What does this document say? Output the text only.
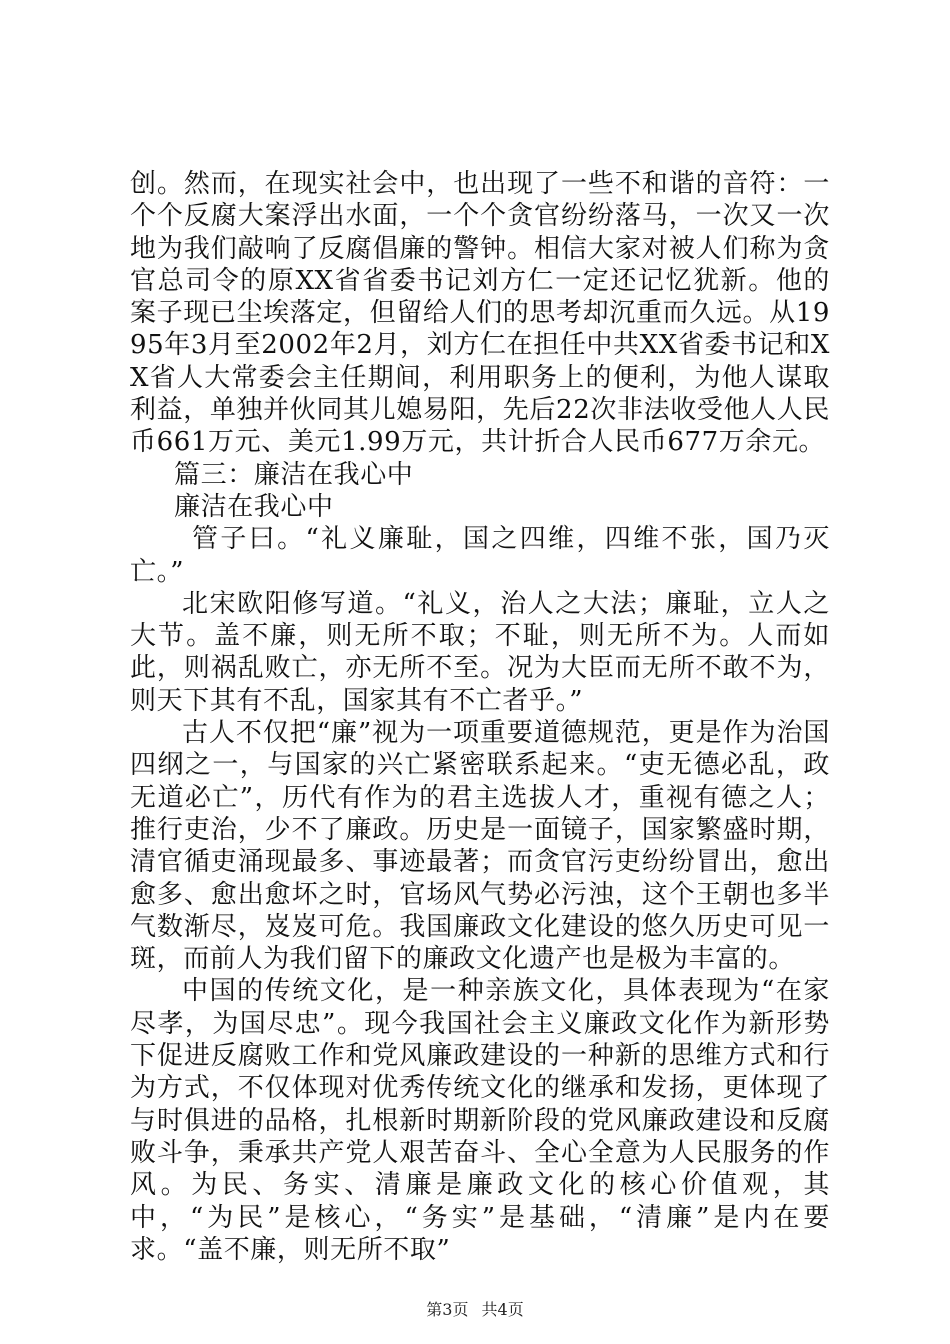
创。然而，在现实社会中，也出现了一些不和谐的音符：一个个反腐大案浮出水面，一个个贪官纷纷落马，一次又一次地为我们敲响了反腐倡廉的警钟。相信大家对被人们称为贪官总司令的原XX省省委书记刘方仁一定还记忆犹新。他的案子现已尘埃落定，但留给人们的思考却沉重而久远。从1995年3月至2002年2月，刘方仁在担任中共XX省委书记和XX省人大常委会主任期间，利用职务上的便利，为他人谋取利益，单独并伙同其儿媳易阳，先后22次非法收受他人人民币661万元、美元1.99万元，共计折合人民币677万余元。

篇三：廉洁在我心中

廉洁在我心中

管子曰。“礼义廉耻，国之四维，四维不张，国乃灭亡。”

北宋欧阳修写道。“礼义，治人之大法；廉耻，立人之大节。盖不廉，则无所不取；不耻，则无所不为。人而如此，则祸乱败亡，亦无所不至。况为大臣而无所不敢不为，则天下其有不乱，国家其有不亡者乎。”

古人不仅把“廉”视为一项重要道德规范，更是作为治国四纲之一，与国家的兴亡紧密联系起来。“吏无德必乱，政无道必亡”，历代有作为的君主选拔人才，重视有德之人；推行吏治，少不了廉政。历史是一面镜子，国家繁盛时期，清官循吏涌现最多、事迹最著；而贪官污吏纷纷冒出，愈出愈多、愈出愈坏之时，官场风气势必污浊，这个王朝也多半气数渐尽，岌岌可危。我国廉政文化建设的悠久历史可见一斑，而前人为我们留下的廉政文化遗产也是极为丰富的。

中国的传统文化，是一种亲族文化，具体表现为“在家尽孝，为国尽忠”。现今我国社会主义廉政文化作为新形势下促进反腐败工作和党风廉政建设的一种新的思维方式和行为方式，不仅体现对优秀传统文化的继承和发扬，更体现了与时俱进的品格，扎根新时期新阶段的党风廉政建设和反腐败斗争，秉承共产党人艰苦奋斗、全心全意为人民服务的作风。为民、务实、清廉是廉政文化的核心价值观，其中，“为民”是核心，“务实”是基础，“清廉”是内在要求。“盖不廉，则无所不取”

第3页 共4页
